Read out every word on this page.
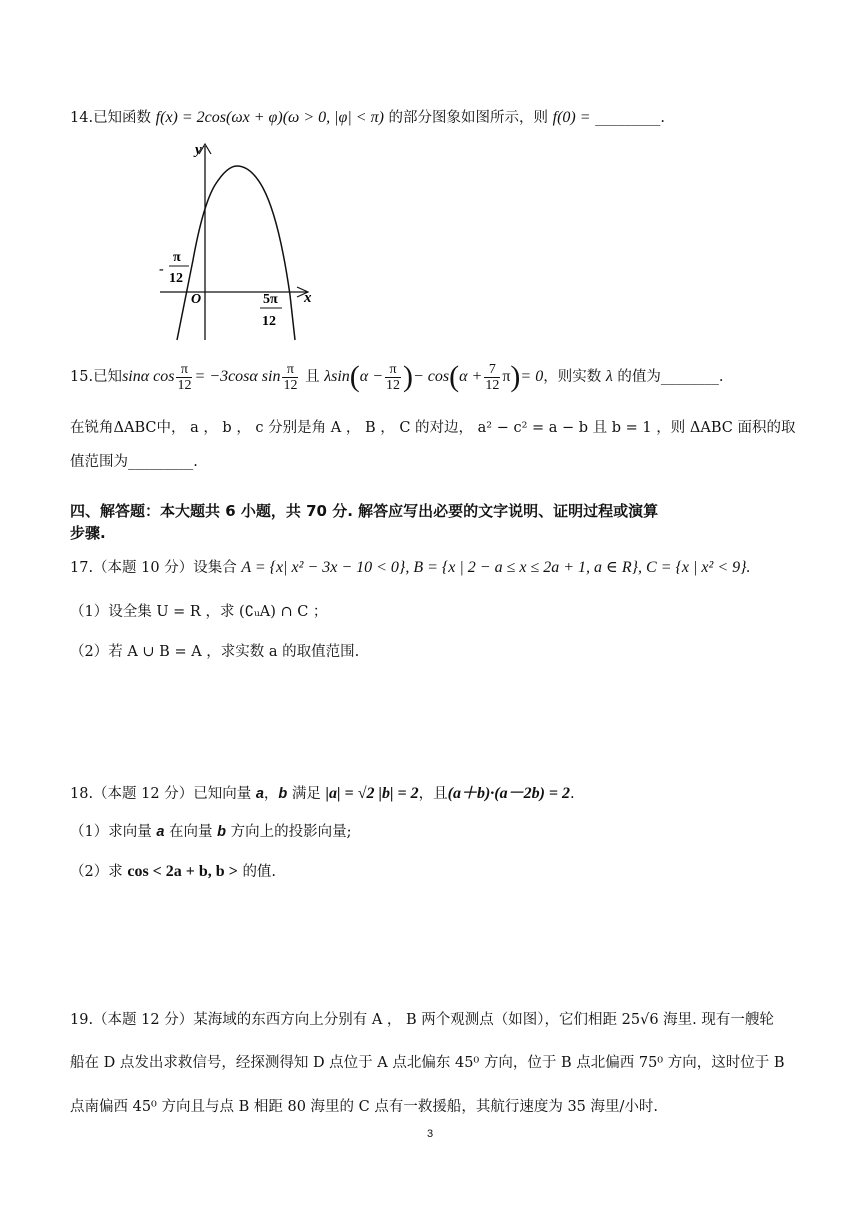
14.已知函数 f(x) = 2cos(ωx + φ)(ω > 0, |φ| < π) 的部分图象如图所示，则 f(0) = _________.
y
x
O
-
π
12
5π
12
15.已知sinα $\cos \frac{\pi}{12} = -3\cos\alpha$ $\sin \frac{\pi}{12}$ 且 $\lambda\sin(\alpha - \frac{\pi}{12}$ )− $\cos(\alpha + \frac{7}{12} \pi)= 0$，则实数 λ 的值为________.
在锐角ΔABC中， a ， b ， c 分别是角 A ， B ， C 的对边， a² − c² = a − b 且 b = 1 ，则 ΔABC 面积的取
值范围为_________.
四、解答题：本大题共 6 小题，共 70 分. 解答应写出必要的文字说明、证明过程或演算
步骤.
17.（本题 10 分）设集合 A = {x| x² − 3x − 10 < 0}, B = {x | 2 − a ≤ x ≤ 2a + 1, a ∈ R}, C = {x | x² < 9}.
（1）设全集 U = R ，求 (∁ᵤA) ∩ C ；
（2）若 A ∪ B = A ，求实数 a 的取值范围.
18.（本题 12 分）已知向量 a，b 满足 |a| = √2 |b| = 2，且(a＋b)·(a－2b) = 2.
（1）求向量 a 在向量 b 方向上的投影向量;
（2）求 cos < 2a + b, b > 的值.
19.（本题 12 分）某海域的东西方向上分别有 A ， B 两个观测点（如图），它们相距 25√6 海里. 现有一艘轮
船在 D 点发出求救信号，经探测得知 D 点位于 A 点北偏东 45⁰ 方向，位于 B 点北偏西 75⁰ 方向，这时位于 B
点南偏西 45⁰ 方向且与点 B 相距 80 海里的 C 点有一救援船，其航行速度为 35 海里/小时.
3
